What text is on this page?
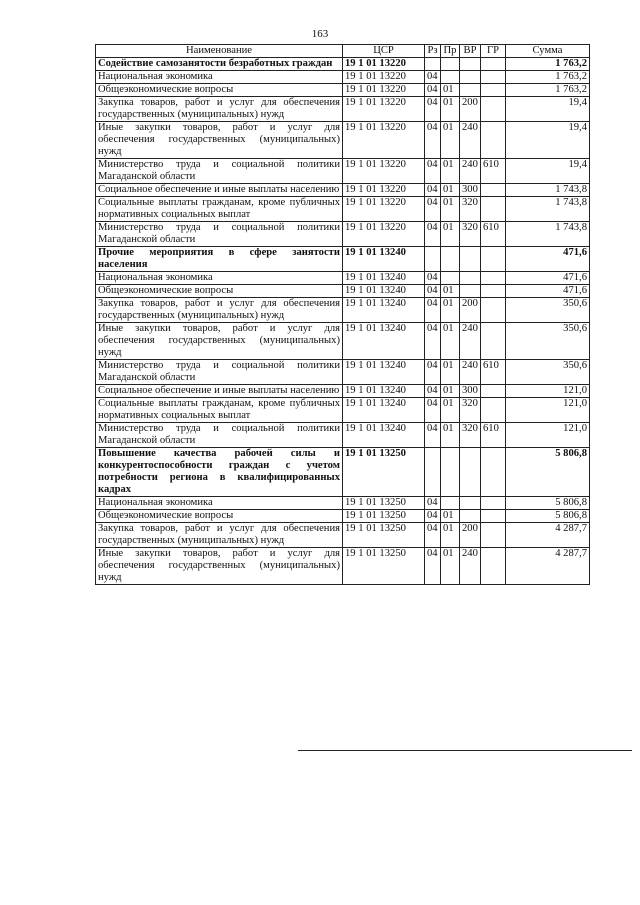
163
Наименование	ЦСР	Рз	Пр	ВР	ГР	Сумма
Содействие самозанятости безработных граждан	19 1 01 13220					1 763,2
Национальная экономика	19 1 01 13220	04				1 763,2
Общеэкономические вопросы	19 1 01 13220	04	01			1 763,2
Закупка товаров, работ и услуг для обеспечения государственных (муниципальных) нужд	19 1 01 13220	04	01	200		19,4
Иные закупки товаров, работ и услуг для обеспечения государственных (муниципальных) нужд	19 1 01 13220	04	01	240		19,4
Министерство труда и социальной политики Магаданской области	19 1 01 13220	04	01	240	610	19,4
Социальное обеспечение и иные выплаты населению	19 1 01 13220	04	01	300		1 743,8
Социальные выплаты гражданам, кроме публичных нормативных социальных выплат	19 1 01 13220	04	01	320		1 743,8
Министерство труда и социальной политики Магаданской области	19 1 01 13220	04	01	320	610	1 743,8
Прочие мероприятия в сфере занятости населения	19 1 01 13240					471,6
Национальная экономика	19 1 01 13240	04				471,6
Общеэкономические вопросы	19 1 01 13240	04	01			471,6
Закупка товаров, работ и услуг для обеспечения государственных (муниципальных) нужд	19 1 01 13240	04	01	200		350,6
Иные закупки товаров, работ и услуг для обеспечения государственных (муниципальных) нужд	19 1 01 13240	04	01	240		350,6
Министерство труда и социальной политики Магаданской области	19 1 01 13240	04	01	240	610	350,6
Социальное обеспечение и иные выплаты населению	19 1 01 13240	04	01	300		121,0
Социальные выплаты гражданам, кроме публичных нормативных социальных выплат	19 1 01 13240	04	01	320		121,0
Министерство труда и социальной политики Магаданской области	19 1 01 13240	04	01	320	610	121,0
Повышение качества рабочей силы и конкурентоспособности граждан с учетом потребности региона в квалифицированных кадрах	19 1 01 13250					5 806,8
Национальная экономика	19 1 01 13250	04				5 806,8
Общеэкономические вопросы	19 1 01 13250	04	01			5 806,8
Закупка товаров, работ и услуг для обеспечения государственных (муниципальных) нужд	19 1 01 13250	04	01	200		4 287,7
Иные закупки товаров, работ и услуг для обеспечения государственных (муниципальных) нужд	19 1 01 13250	04	01	240		4 287,7
